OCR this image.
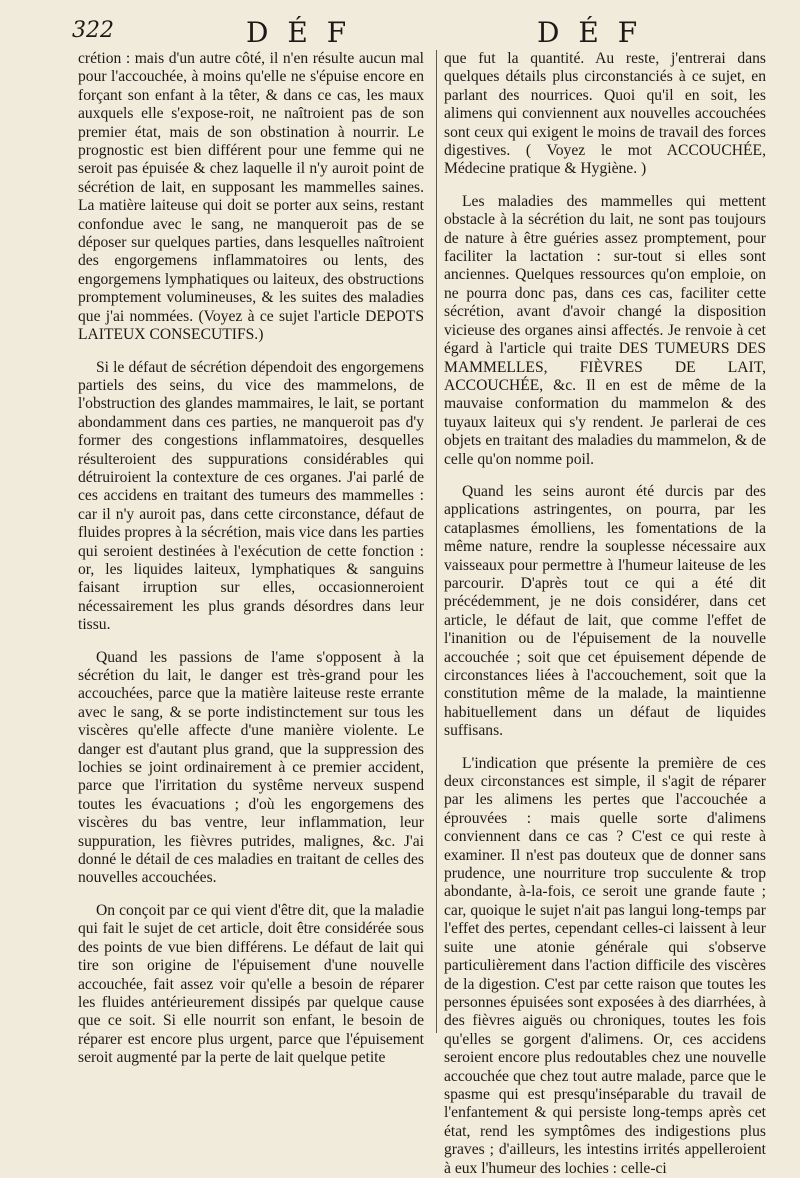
322	D É F	D É F

crétion : mais d'un autre côté, il n'en résulte aucun mal pour l'accouchée, à moins qu'elle ne s'épuise encore en forçant son enfant à la têter, & dans ce cas, les maux auxquels elle s'expose-roit, ne naîtroient pas de son premier état, mais de son obstination à nourrir. Le prognostic est bien différent pour une femme qui ne seroit pas épuisée & chez laquelle il n'y auroit point de sécrétion de lait, en supposant les mammelles saines. La matière laiteuse qui doit se porter aux seins, restant confondue avec le sang, ne manqueroit pas de se déposer sur quelques parties, dans lesquelles naîtroient des engorgemens inflammatoires ou lents, des engorgemens lymphatiques ou laiteux, des obstructions promptement volumineuses, & les suites des maladies que j'ai nommées. (Voyez à ce sujet l'article DEPOTS LAITEUX CONSECUTIFS.)

Si le défaut de sécrétion dépendoit des engorgemens partiels des seins, du vice des mammelons, de l'obstruction des glandes mammaires, le lait, se portant abondamment dans ces parties, ne manqueroit pas d'y former des congestions inflammatoires, desquelles résulteroient des suppurations considérables qui détruiroient la contexture de ces organes. J'ai parlé de ces accidens en traitant des tumeurs des mammelles : car il n'y auroit pas, dans cette circonstance, défaut de fluides propres à la sécrétion, mais vice dans les parties qui seroient destinées à l'exécution de cette fonction : or, les liquides laiteux, lymphatiques & sanguins faisant irruption sur elles, occasionneroient nécessairement les plus grands désordres dans leur tissu.

Quand les passions de l'ame s'opposent à la sécrétion du lait, le danger est très-grand pour les accouchées, parce que la matière laiteuse reste errante avec le sang, & se porte indistinctement sur tous les viscères qu'elle affecte d'une manière violente. Le danger est d'autant plus grand, que la suppression des lochies se joint ordinairement à ce premier accident, parce que l'irritation du systême nerveux suspend toutes les évacuations ; d'où les engorgemens des viscères du bas ventre, leur inflammation, leur suppuration, les fièvres putrides, malignes, &c. J'ai donné le détail de ces maladies en traitant de celles des nouvelles accouchées.

On conçoit par ce qui vient d'être dit, que la maladie qui fait le sujet de cet article, doit être considérée sous des points de vue bien différens. Le défaut de lait qui tire son origine de l'épuisement d'une nouvelle accouchée, fait assez voir qu'elle a besoin de réparer les fluides antérieurement dissipés par quelque cause que ce soit. Si elle nourrit son enfant, le besoin de réparer est encore plus urgent, parce que l'épuisement seroit augmenté par la perte de lait quelque petite

que fut la quantité. Au reste, j'entrerai dans quelques détails plus circonstanciés à ce sujet, en parlant des nourrices. Quoi qu'il en soit, les alimens qui conviennent aux nouvelles accouchées sont ceux qui exigent le moins de travail des forces digestives. ( Voyez le mot ACCOUCHÉE, Médecine pratique & Hygiène. )

Les maladies des mammelles qui mettent obstacle à la sécrétion du lait, ne sont pas toujours de nature à être guéries assez promptement, pour faciliter la lactation : sur-tout si elles sont anciennes. Quelques ressources qu'on emploie, on ne pourra donc pas, dans ces cas, faciliter cette sécrétion, avant d'avoir changé la disposition vicieuse des organes ainsi affectés. Je renvoie à cet égard à l'article qui traite DES TUMEURS DES MAMMELLES, FIÈVRES DE LAIT, ACCOUCHÉE, &c. Il en est de même de la mauvaise conformation du mammelon & des tuyaux laiteux qui s'y rendent. Je parlerai de ces objets en traitant des maladies du mammelon, & de celle qu'on nomme poil.

Quand les seins auront été durcis par des applications astringentes, on pourra, par les cataplasmes émolliens, les fomentations de la même nature, rendre la souplesse nécessaire aux vaisseaux pour permettre à l'humeur laiteuse de les parcourir. D'après tout ce qui a été dit précédemment, je ne dois considérer, dans cet article, le défaut de lait, que comme l'effet de l'inanition ou de l'épuisement de la nouvelle accouchée ; soit que cet épuisement dépende de circonstances liées à l'accouchement, soit que la constitution même de la malade, la maintienne habituellement dans un défaut de liquides suffisans.

L'indication que présente la première de ces deux circonstances est simple, il s'agit de réparer par les alimens les pertes que l'accouchée a éprouvées : mais quelle sorte d'alimens conviennent dans ce cas ? C'est ce qui reste à examiner. Il n'est pas douteux que de donner sans prudence, une nourriture trop succulente & trop abondante, à-la-fois, ce seroit une grande faute ; car, quoique le sujet n'ait pas langui long-temps par l'effet des pertes, cependant celles-ci laissent à leur suite une atonie générale qui s'observe particulièrement dans l'action difficile des viscères de la digestion. C'est par cette raison que toutes les personnes épuisées sont exposées à des diarrhées, à des fièvres aiguës ou chroniques, toutes les fois qu'elles se gorgent d'alimens. Or, ces accidens seroient encore plus redoutables chez une nouvelle accouchée que chez tout autre malade, parce que le spasme qui est presqu'inséparable du travail de l'enfantement & qui persiste long-temps après cet état, rend les symptômes des indigestions plus graves ; d'ailleurs, les intestins irrités appelleroient à eux l'humeur des lochies : celle-ci
